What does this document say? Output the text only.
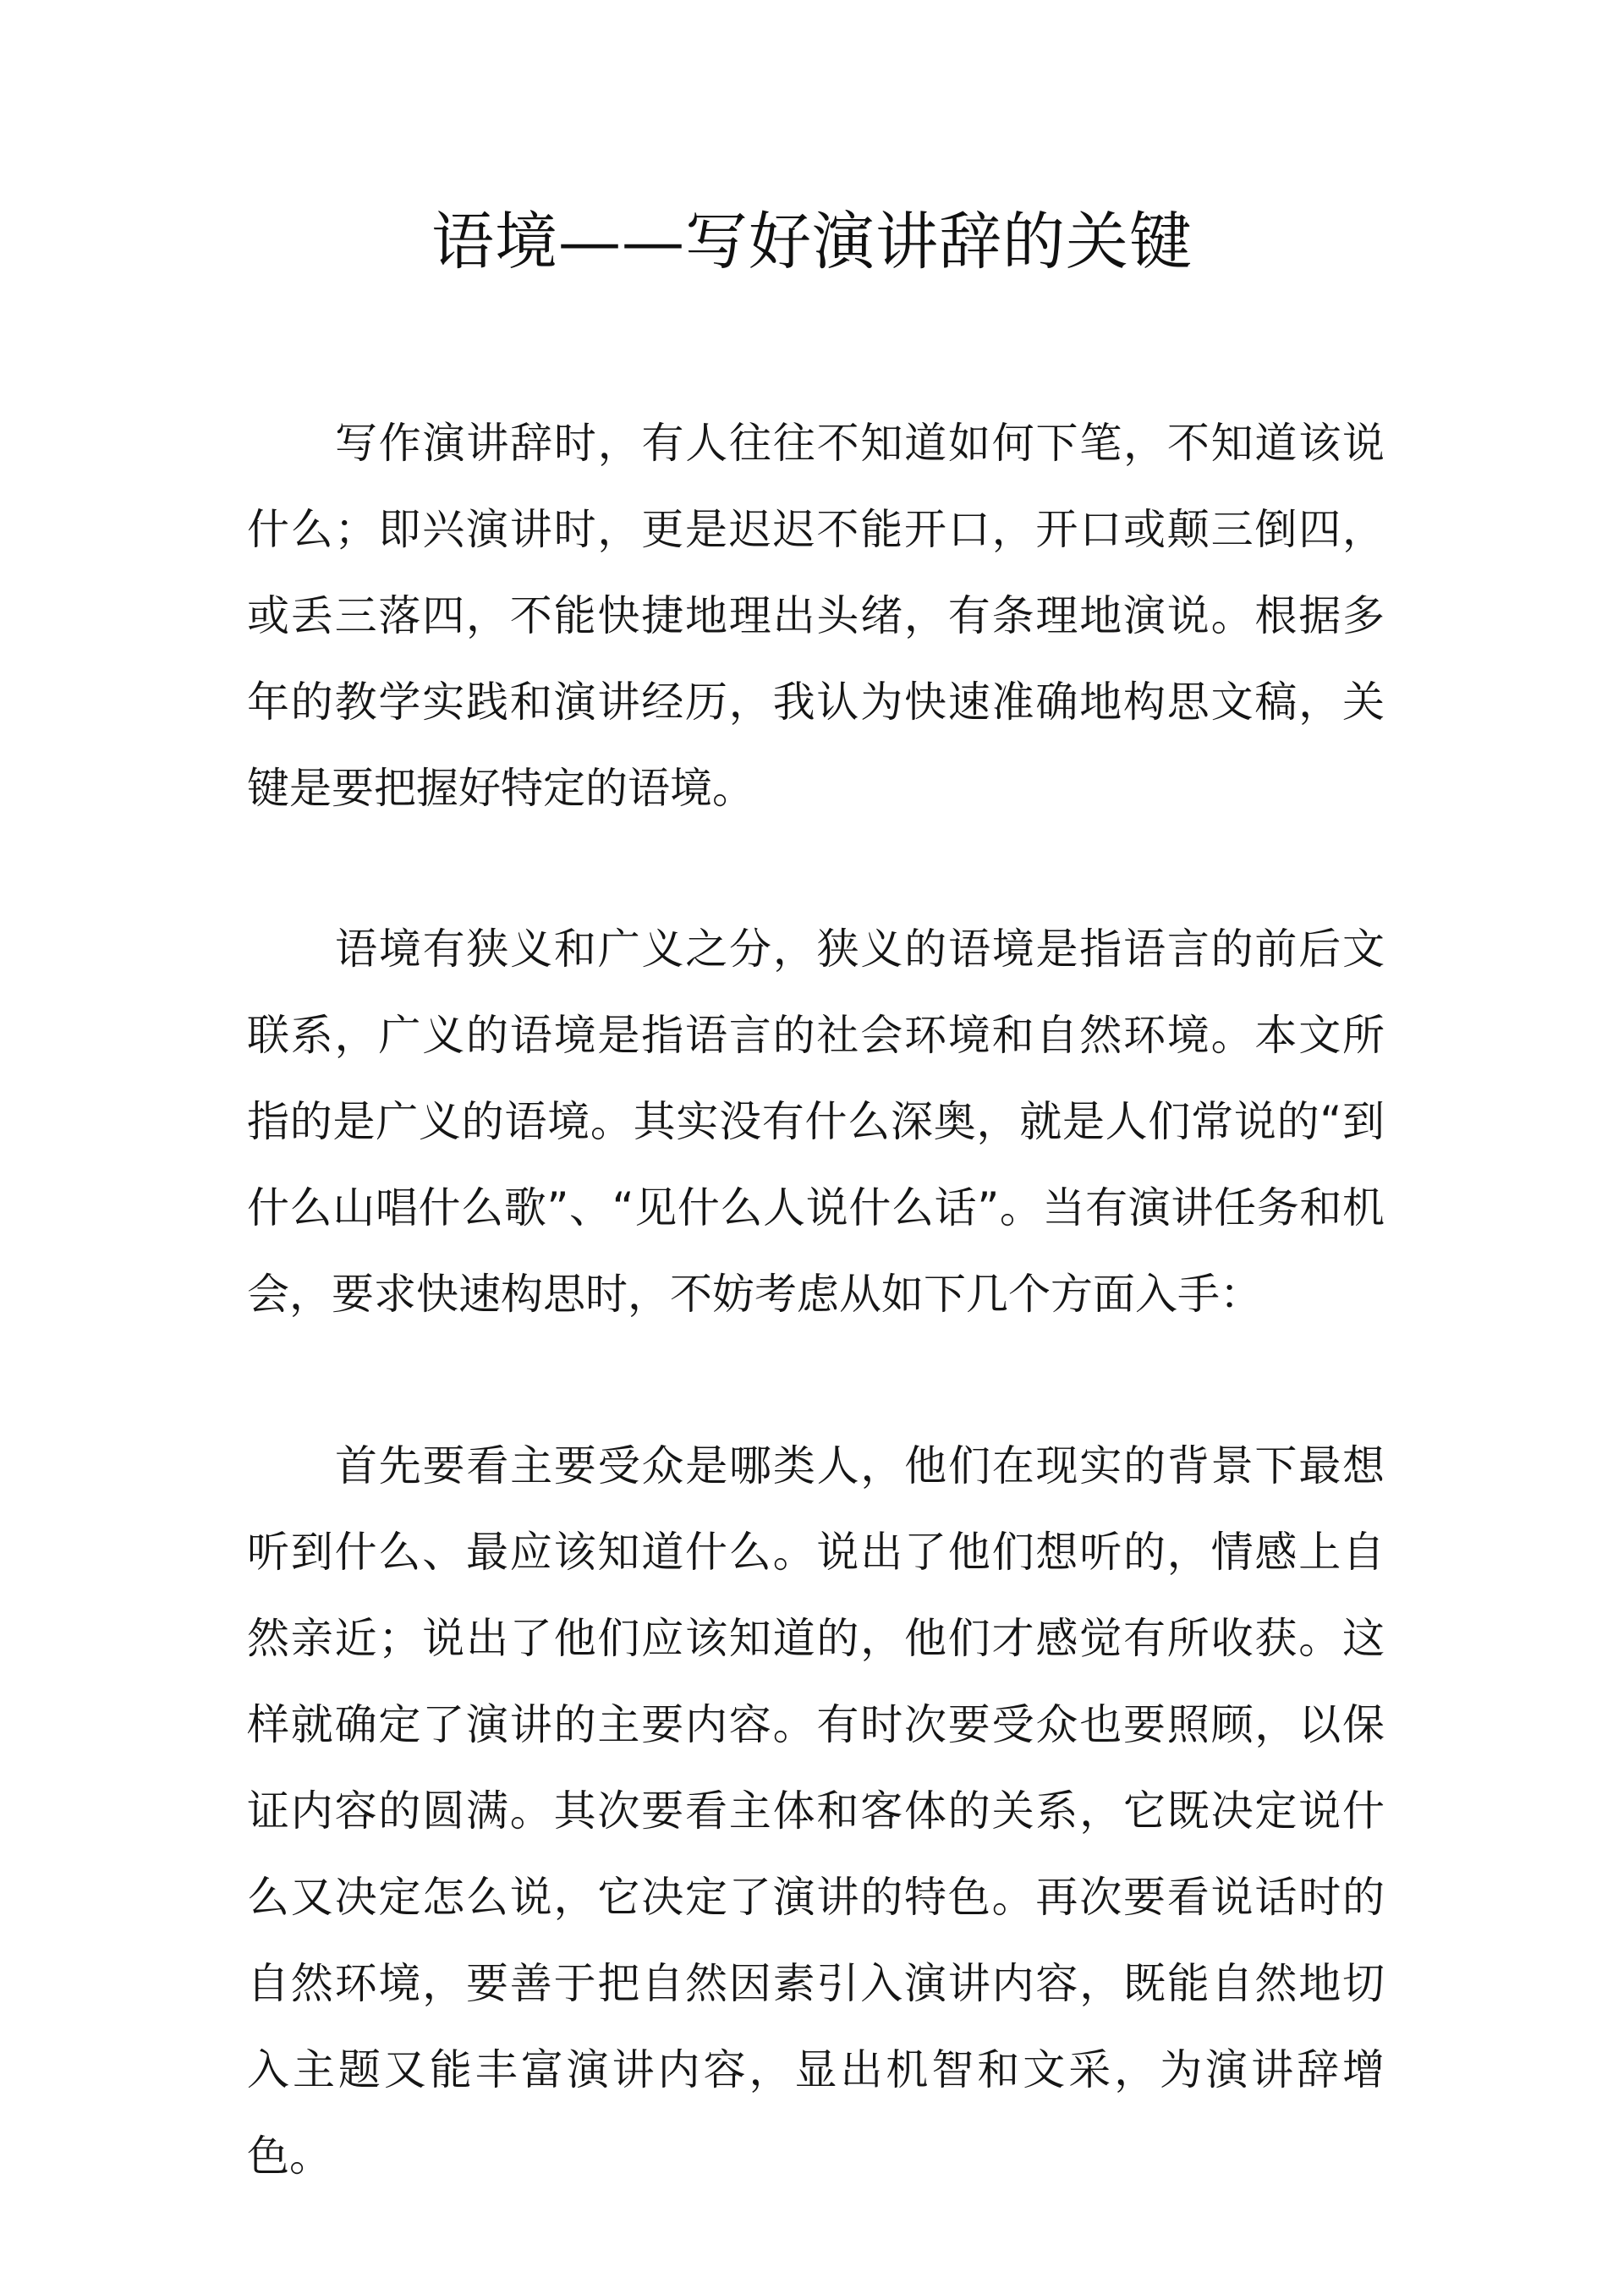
语境——写好演讲辞的关键

写作演讲辞时，有人往往不知道如何下笔，不知道该说什么；即兴演讲时，更是迟迟不能开口，开口或颠三倒四，或丢三落四，不能快捷地理出头绪，有条理地演说。根据多年的教学实践和演讲经历，我认为快速准确地构思文稿，关键是要把握好特定的语境。

语境有狭义和广义之分，狭义的语境是指语言的前后文联系，广义的语境是指语言的社会环境和自然环境。本文所指的是广义的语境。其实没有什么深奥，就是人们常说的“到什么山唱什么歌”、“见什么人说什么话”。当有演讲任务和机会，要求快速构思时，不妨考虑从如下几个方面入手：

首先要看主要受众是哪类人，他们在现实的背景下最想听到什么、最应该知道什么。说出了他们想听的，情感上自然亲近；说出了他们应该知道的，他们才感觉有所收获。这样就确定了演讲的主要内容。有时次要受众也要照顾，以保证内容的圆满。其次要看主体和客体的关系，它既决定说什么又决定怎么说，它决定了演讲的特色。再次要看说话时的自然环境，要善于把自然因素引入演讲内容，既能自然地切入主题又能丰富演讲内容，显出机智和文采，为演讲辞增色。
